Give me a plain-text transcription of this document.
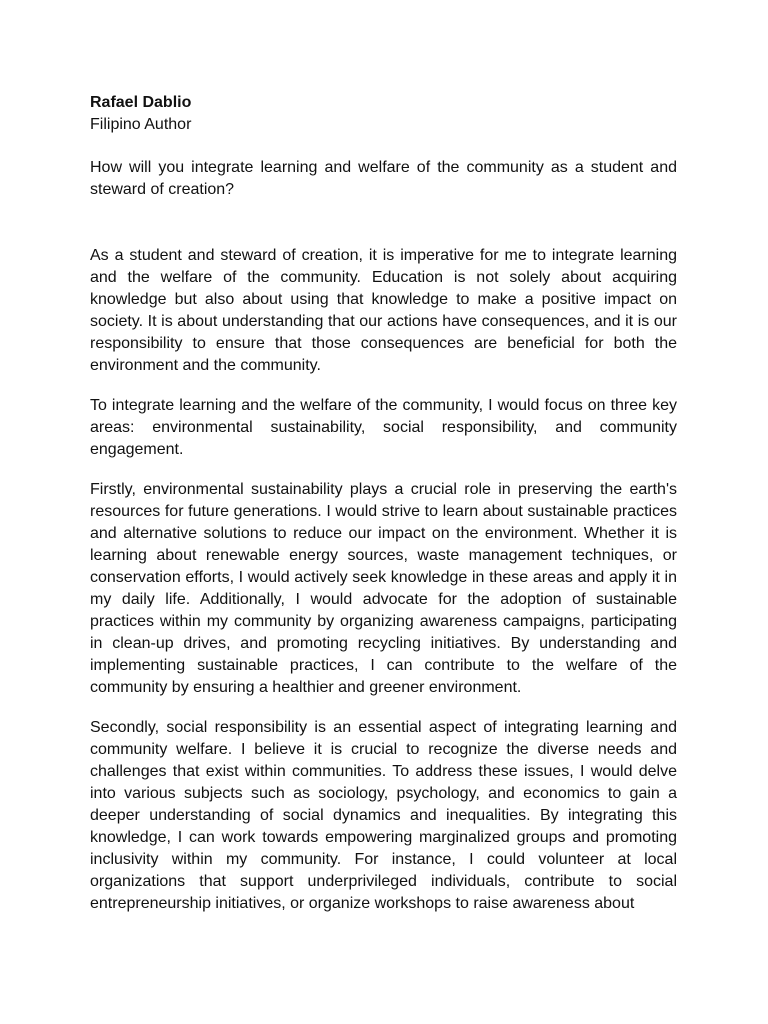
Rafael Dablio

Filipino Author

How will you integrate learning and welfare of the community as a student and steward of creation?

As a student and steward of creation, it is imperative for me to integrate learning and the welfare of the community. Education is not solely about acquiring knowledge but also about using that knowledge to make a positive impact on society. It is about understanding that our actions have consequences, and it is our responsibility to ensure that those consequences are beneficial for both the environment and the community.

To integrate learning and the welfare of the community, I would focus on three key areas: environmental sustainability, social responsibility, and community engagement.

Firstly, environmental sustainability plays a crucial role in preserving the earth's resources for future generations. I would strive to learn about sustainable practices and alternative solutions to reduce our impact on the environment. Whether it is learning about renewable energy sources, waste management techniques, or conservation efforts, I would actively seek knowledge in these areas and apply it in my daily life. Additionally, I would advocate for the adoption of sustainable practices within my community by organizing awareness campaigns, participating in clean-up drives, and promoting recycling initiatives. By understanding and implementing sustainable practices, I can contribute to the welfare of the community by ensuring a healthier and greener environment.

Secondly, social responsibility is an essential aspect of integrating learning and community welfare. I believe it is crucial to recognize the diverse needs and challenges that exist within communities. To address these issues, I would delve into various subjects such as sociology, psychology, and economics to gain a deeper understanding of social dynamics and inequalities. By integrating this knowledge, I can work towards empowering marginalized groups and promoting inclusivity within my community. For instance, I could volunteer at local organizations that support underprivileged individuals, contribute to social entrepreneurship initiatives, or organize workshops to raise awareness about
